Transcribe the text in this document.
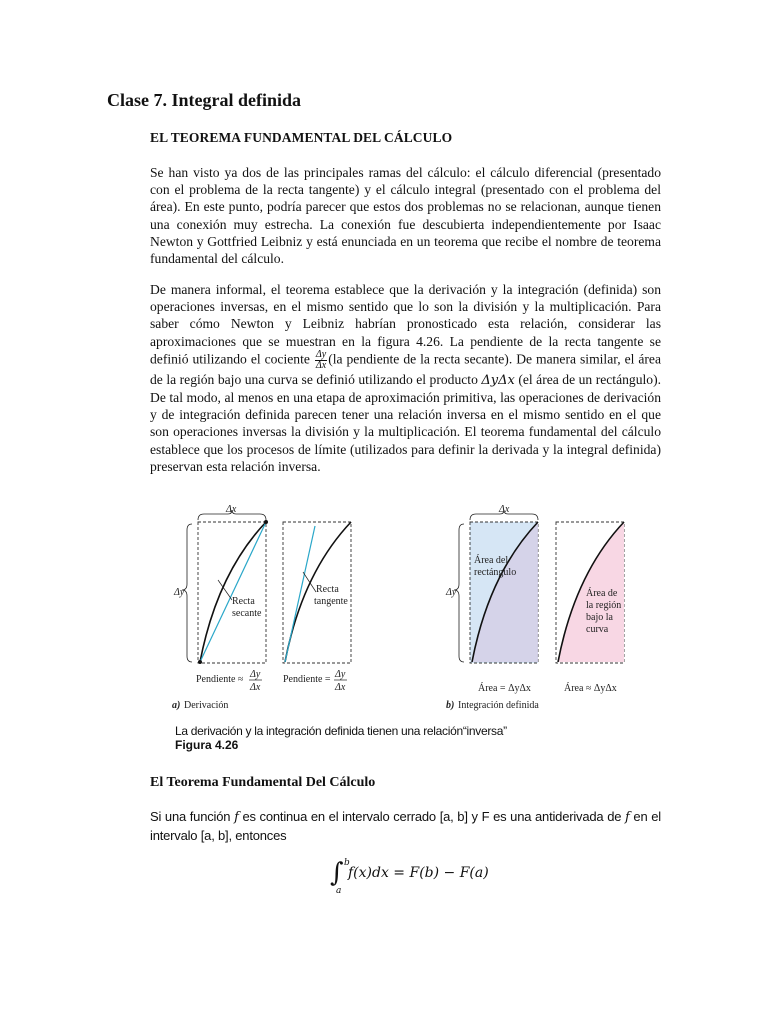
Clase 7. Integral definida
EL TEOREMA FUNDAMENTAL DEL CÁLCULO

Se han visto ya dos de las principales ramas del cálculo: el cálculo diferencial (presentado con el problema de la recta tangente) y el cálculo integral (presentado con el problema del área). En este punto, podría parecer que estos dos problemas no se relacionan, aunque tienen una conexión muy estrecha. La conexión fue descubierta independientemente por Isaac Newton y Gottfried Leibniz y está enunciada en un teorema que recibe el nombre de teorema fundamental del cálculo.

De manera informal, el teorema establece que la derivación y la integración (definida) son operaciones inversas, en el mismo sentido que lo son la división y la multiplicación. Para saber cómo Newton y Leibniz habrían pronosticado esta relación, considerar las aproximaciones que se muestran en la figura 4.26. La pendiente de la recta tangente se definió utilizando el cociente $\frac{\Delta y}{\Delta x} (la$ pendiente de la recta secante). De manera similar, el área de la región bajo una curva se definió utilizando el producto ΔyΔx (el área de un rectángulo). De tal modo, al menos en una etapa de aproximación primitiva, las operaciones de derivación y de integración definida parecen tener una relación inversa en el mismo sentido en el que son operaciones inversas la división y la multiplicación. El teorema fundamental del cálculo establece que los procesos de límite (utilizados para definir la derivada y la integral definida) preservan esta relación inversa.

Δx
Δy
Recta
secante
Pendiente ≈ Δy
Δx
Recta
tangente
Pendiente = Δy
Δx
a) Derivación
Δx
Δy
Área del
rectángulo
Área = ΔyΔx
b) Integración definida
Área de
la región
bajo la
curva
Área ≈ ΔyΔx

La derivación y la integración definida tienen una relación“inversa”

Figura 4.26

El Teorema Fundamental Del Cálculo

Si una función f es continua en el intervalo cerrado [a, b] y F es una antiderivada de f en el intervalo [a, b], entonces

∫ b
a
f(x)dx = F(b) − F(a)
